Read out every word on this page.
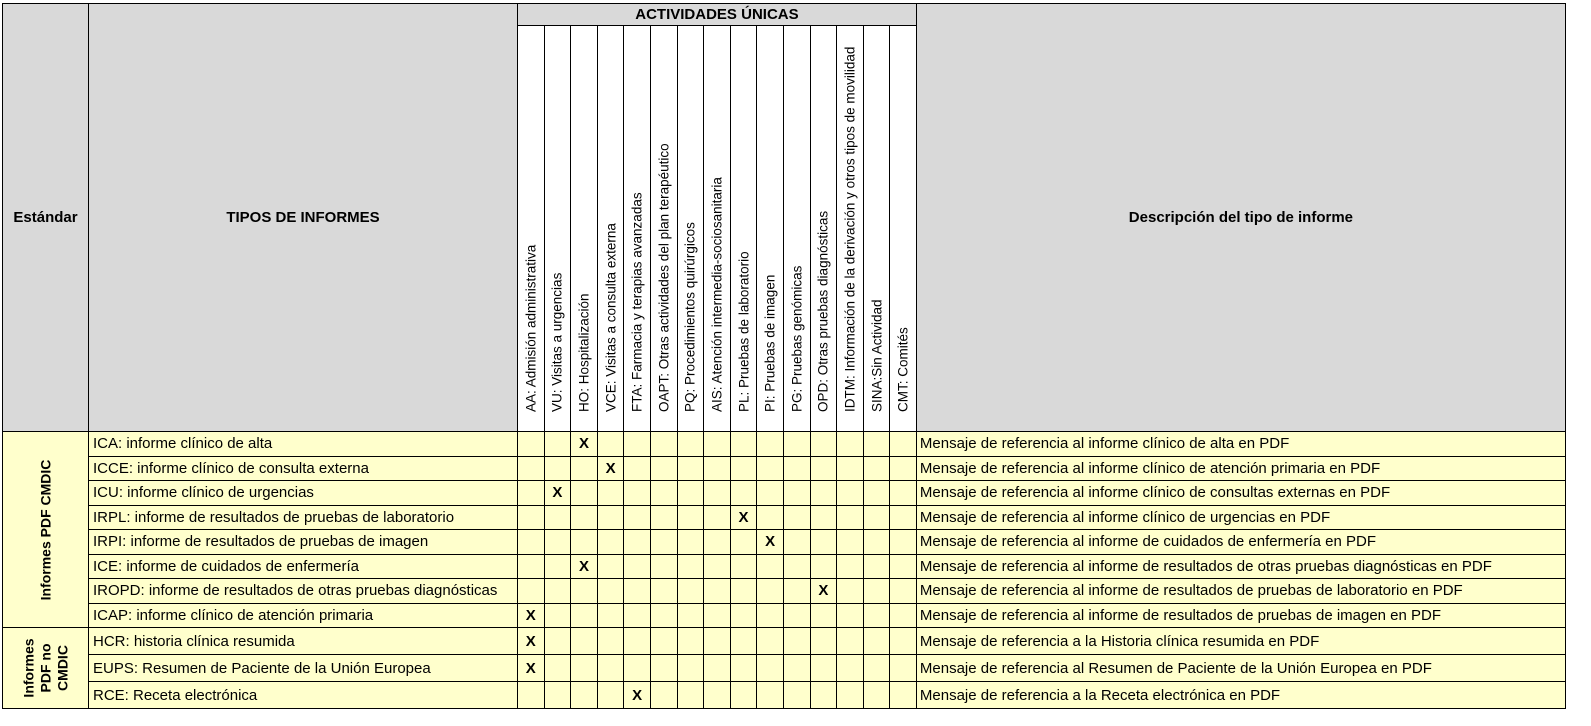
Estándar	TIPOS DE INFORMES	ACTIVIDADES ÚNICAS															Descripción del tipo de informe

		AA: Admisión administrativa	VU: Visitas a urgencias	HO: Hospitalización	VCE: Visitas a consulta externa	FTA: Farmacia y terapias avanzadas	OAPT: Otras actividades del plan terapéutico	PQ: Procedimientos quirúrgicos	AIS: Atención intermedia-sociosanitaria	PL: Pruebas de laboratorio	PI: Pruebas de imagen	PG: Pruebas genómicas	OPD: Otras pruebas diagnósticas	IDTM: Información de la derivación y otros tipos de movilidad	SINA:Sin Actividad	CMT: Comités	

Informes PDF CMDIC	ICA: informe clínico de alta			X													Mensaje de referencia al informe clínico de alta en PDF
	ICCE: informe clínico de consulta externa				X												Mensaje de referencia al informe clínico de atención primaria en PDF
	ICU: informe clínico de urgencias		X														Mensaje de referencia al informe clínico de consultas externas en PDF
	IRPL: informe de resultados de pruebas de laboratorio									X							Mensaje de referencia al informe clínico de urgencias en PDF
	IRPI: informe de resultados de pruebas de imagen										X						Mensaje de referencia al informe de cuidados de enfermería en PDF
	ICE: informe de cuidados de enfermería			X													Mensaje de referencia al informe de resultados de otras pruebas diagnósticas en PDF
	IROPD: informe de resultados de otras pruebas diagnósticas												X				Mensaje de referencia al informe de resultados de pruebas de laboratorio en PDF
	ICAP: informe clínico de atención primaria	X															Mensaje de referencia al informe de resultados de pruebas de imagen en PDF

Informes PDF no CMDIC	HCR: historia clínica resumida	X															Mensaje de referencia a la Historia clínica resumida en PDF
	EUPS: Resumen de Paciente de la Unión Europea	X															Mensaje de referencia al Resumen de Paciente de la Unión Europea en PDF
	RCE: Receta electrónica					X											Mensaje de referencia a la Receta electrónica en PDF
